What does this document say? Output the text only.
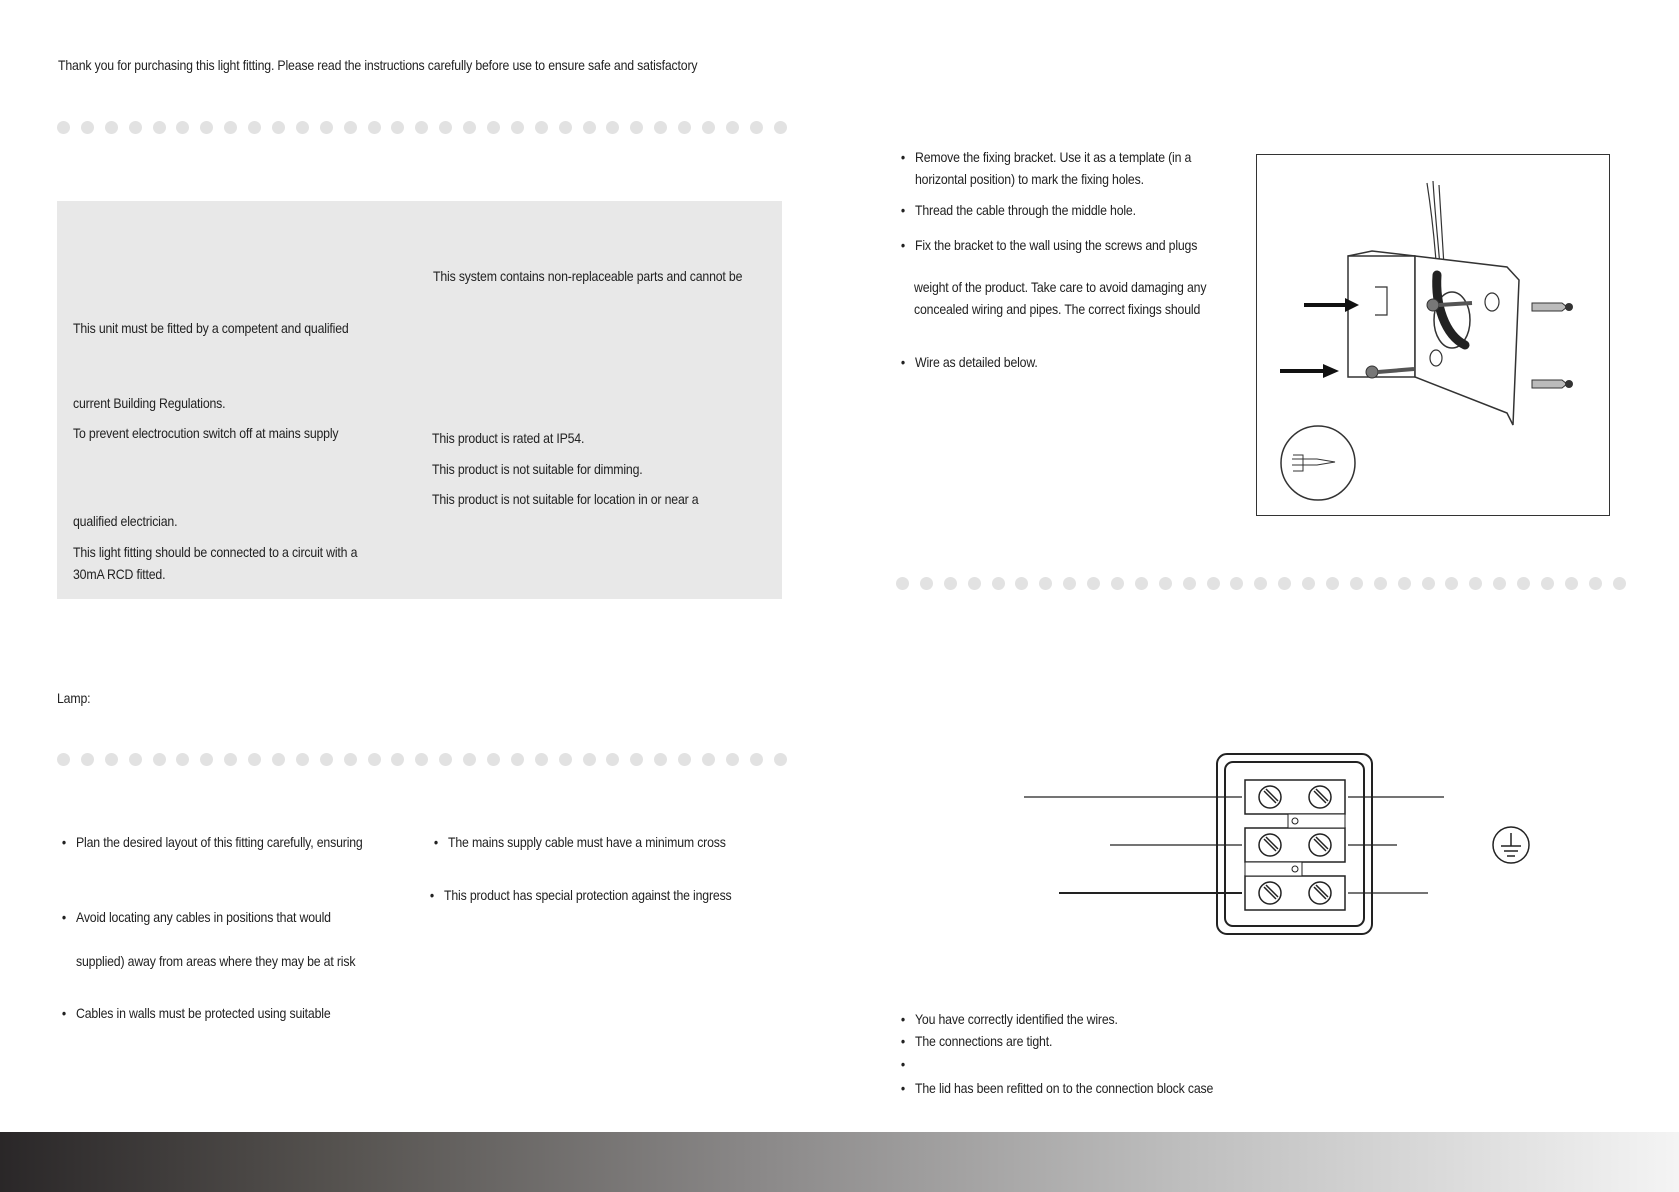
Thank you for purchasing this light fitting. Please read the instructions carefully before use to ensure safe and satisfactory
This unit must be fitted by a competent and qualified
current Building Regulations.
To prevent electrocution switch off at mains supply
qualified electrician.
This light fitting should be connected to a circuit with a
30mA RCD fitted.
This system contains non-replaceable parts and cannot be
This product is rated at IP54.
This product is not suitable for dimming.
This product is not suitable for location in or near a
Lamp:
• Plan the desired layout of this fitting carefully, ensuring
• Avoid locating any cables in positions that would
supplied) away from areas where they may be at risk
• Cables in walls must be protected using suitable
• The mains supply cable must have a minimum cross
• This product has special protection against the ingress
• Remove the fixing bracket. Use it as a template (in a
horizontal position) to mark the fixing holes.
• Thread the cable through the middle hole.
• Fix the bracket to the wall using the screws and plugs
weight of the product. Take care to avoid damaging any
concealed wiring and pipes. The correct fixings should
• Wire as detailed below.
• You have correctly identified the wires.
• The connections are tight.
• The lid has been refitted on to the connection block case
